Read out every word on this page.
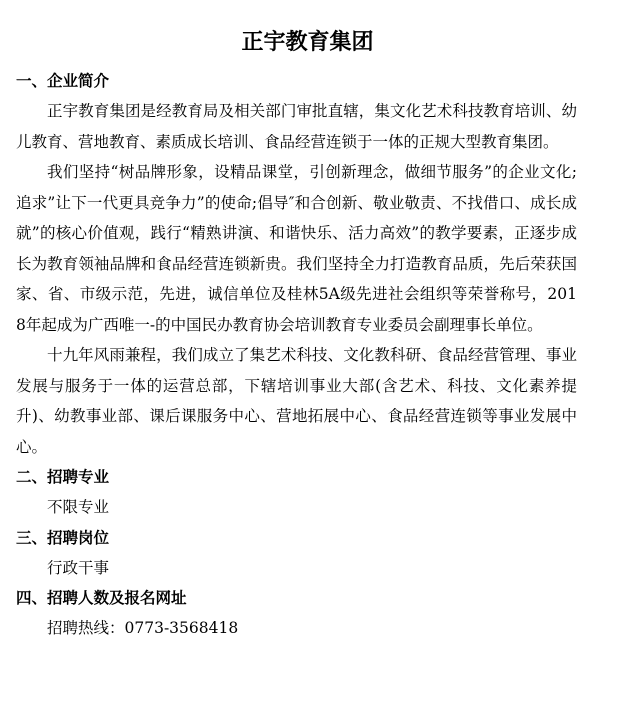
正宇教育集团
一、企业简介

正宇教育集团是经教育局及相关部门审批直辖，集文化艺术科技教育培训、幼儿教育、营地教育、素质成长培训、食品经营连锁于一体的正规大型教育集团。

我们坚持“树品牌形象，设精品课堂，引创新理念，做细节服务”的企业文化;追求”让下一代更具竞争力”的使命;倡导″和合创新、敬业敬责、不找借口、成长成就”的核心价值观，践行“精熟讲演、和谐快乐、活力高效”的教学要素，正逐步成长为教育领袖品牌和食品经营连锁新贵。我们坚持全力打造教育品质，先后荣获国家、省、市级示范，先进，诚信单位及桂林5A级先进社会组织等荣誉称号，201 8年起成为广西唯一-的中国民办教育协会培训教育专业委员会副理事长单位。

十九年风雨兼程，我们成立了集艺术科技、文化教科研、食品经营管理、事业发展与服务于一体的运营总部，下辖培训事业大部(含艺术、科技、文化素养提升)、幼教事业部、课后课服务中心、营地拓展中心、食品经营连锁等事业发展中心。

二、招聘专业

不限专业

三、招聘岗位

行政干事

四、招聘人数及报名网址

招聘热线：0773-3568418
